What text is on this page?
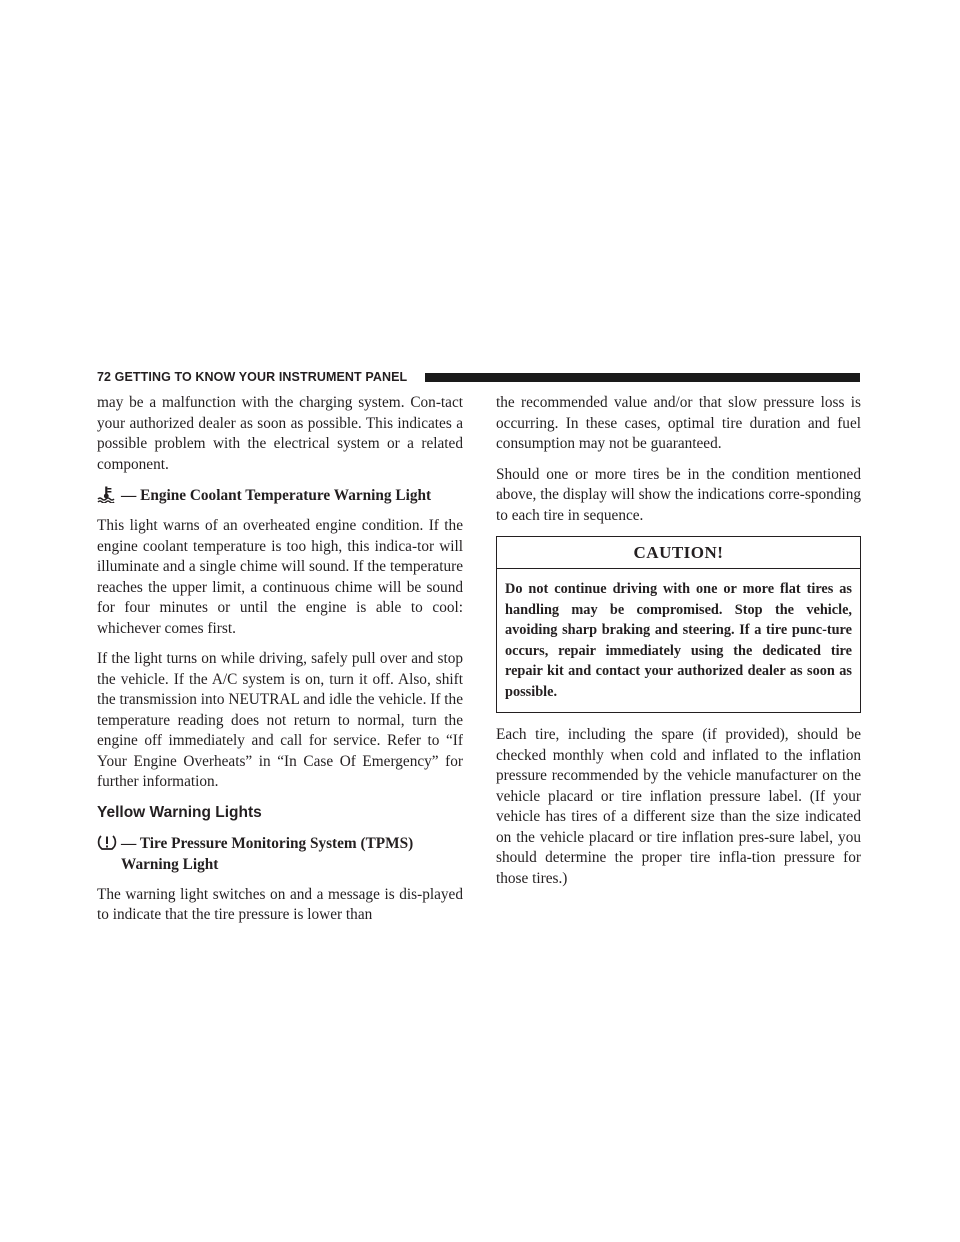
72 GETTING TO KNOW YOUR INSTRUMENT PANEL

may be a malfunction with the charging system. Con-tact your authorized dealer as soon as possible. This indicates a possible problem with the electrical system or a related component.

— Engine Coolant Temperature Warning Light

This light warns of an overheated engine condition. If the engine coolant temperature is too high, this indica-tor will illuminate and a single chime will sound. If the temperature reaches the upper limit, a continuous chime will be sound for four minutes or until the engine is able to cool: whichever comes first.

If the light turns on while driving, safely pull over and stop the vehicle. If the A/C system is on, turn it off. Also, shift the transmission into NEUTRAL and idle the vehicle. If the temperature reading does not return to normal, turn the engine off immediately and call for service. Refer to “If Your Engine Overheats” in “In Case Of Emergency” for further information.

Yellow Warning Lights
— Tire Pressure Monitoring System (TPMS) Warning Light

The warning light switches on and a message is dis-played to indicate that the tire pressure is lower than

the recommended value and/or that slow pressure loss is occurring. In these cases, optimal tire duration and fuel consumption may not be guaranteed.

Should one or more tires be in the condition mentioned above, the display will show the indications corre-sponding to each tire in sequence.

CAUTION!
Do not continue driving with one or more flat tires as handling may be compromised. Stop the vehicle, avoiding sharp braking and steering. If a tire punc-ture occurs, repair immediately using the dedicated tire repair kit and contact your authorized dealer as soon as possible.

Each tire, including the spare (if provided), should be checked monthly when cold and inflated to the inflation pressure recommended by the vehicle manufacturer on the vehicle placard or tire inflation pressure label. (If your vehicle has tires of a different size than the size indicated on the vehicle placard or tire inflation pres-sure label, you should determine the proper tire infla-tion pressure for those tires.)
